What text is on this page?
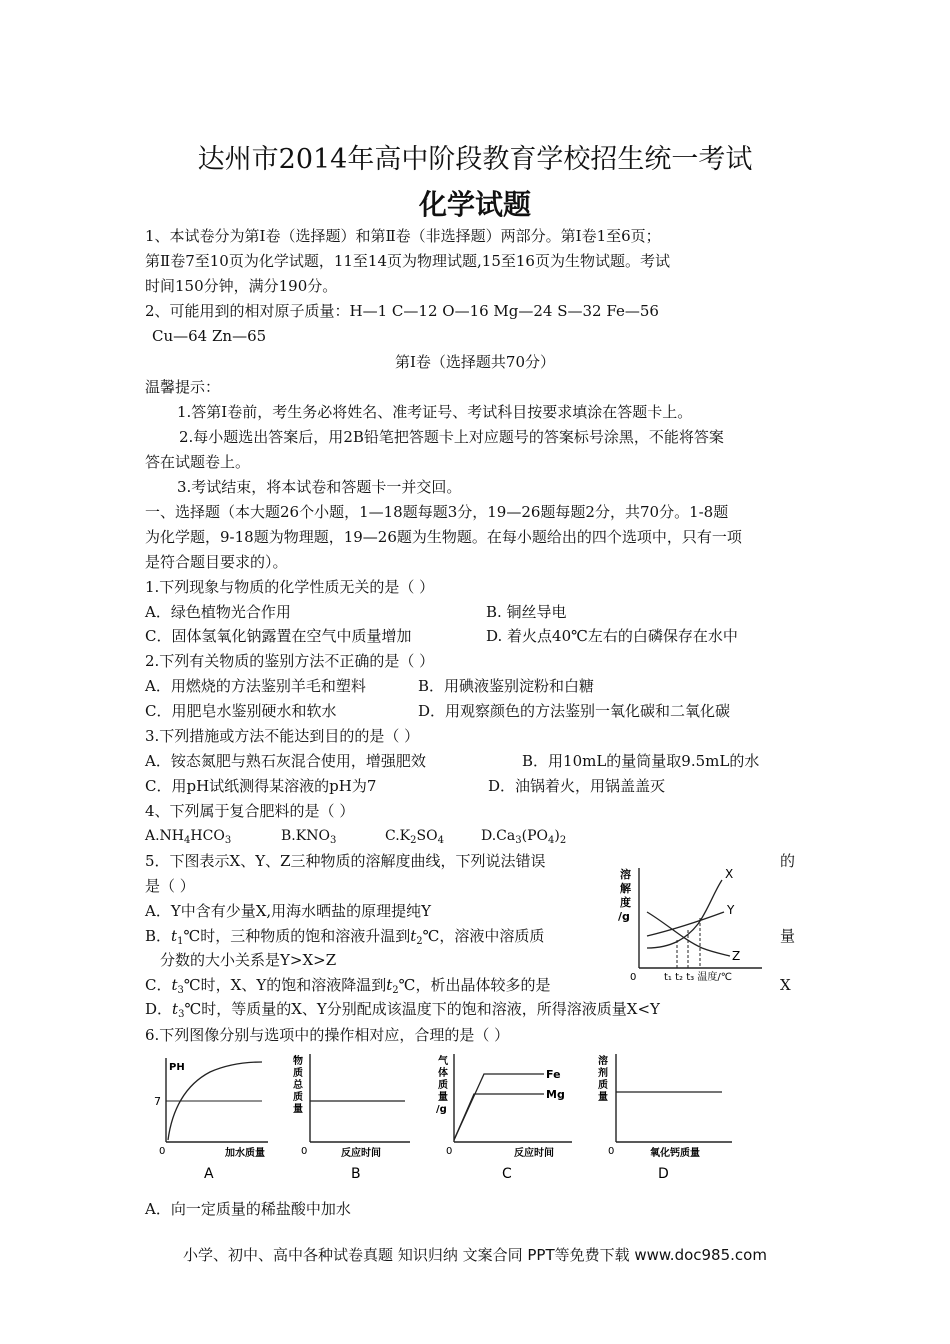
达州市2014年高中阶段教育学校招生统一考试
化学试题
1、本试卷分为第Ⅰ卷（选择题）和第Ⅱ卷（非选择题）两部分。第Ⅰ卷1至6页；
第Ⅱ卷7至10页为化学试题，11至14页为物理试题,15至16页为生物试题。考试
时间150分钟，满分190分。
2、可能用到的相对原子质量：H—1 C—12 O—16 Mg—24 S—32 Fe—56
Cu—64 Zn—65
第Ⅰ卷（选择题共70分）
温馨提示：
1.答第Ⅰ卷前，考生务必将姓名、准考证号、考试科目按要求填涂在答题卡上。
2.每小题选出答案后，用2B铅笔把答题卡上对应题号的答案标号涂黑，不能将答案
答在试题卷上。
3.考试结束，将本试卷和答题卡一并交回。
一、选择题（本大题26个小题，1—18题每题3分，19—26题每题2分，共70分。1-8题
为化学题，9-18题为物理题，19—26题为生物题。在每小题给出的四个选项中，只有一项
是符合题目要求的）。
1.下列现象与物质的化学性质无关的是（ ）
A．绿色植物光合作用	B. 铜丝导电
C．固体氢氧化钠露置在空气中质量增加	D. 着火点40℃左右的白磷保存在水中
2.下列有关物质的鉴别方法不正确的是（ ）
A．用燃烧的方法鉴别羊毛和塑料	B．用碘液鉴别淀粉和白糖
C．用肥皂水鉴别硬水和软水	D．用观察颜色的方法鉴别一氧化碳和二氧化碳
3.下列措施或方法不能达到目的的是（ ）
A．铵态氮肥与熟石灰混合使用，增强肥效	B．用10mL的量筒量取9.5mL的水
C．用pH试纸测得某溶液的pH为7	D．油锅着火，用锅盖盖灭
4、下列属于复合肥料的是（ ）
$A.NH_4HCO_3$	$B.KNO_3$	$C.K_2SO_4$	$D.Ca_3(PO_4)_2$
5．下图表示X、Y、Z三种物质的溶解度曲线，下列说法错误	的
是（ ）
A．Y中含有少量X,用海水晒盐的原理提纯Y
B．$t_1℃$时，三种物质的饱和溶液升温到$t_2℃$，溶液中溶质质	量
分数的大小关系是Y>X>Z
C．$t_3℃$时，X、Y的饱和溶液降温到$t_2℃$，析出晶体较多的是	X
D．$t_3℃$时，等质量的X、Y分别配成该温度下的饱和溶液，所得溶液质量X<Y
溶
解
度
/g
0	t₁ t₂ t₃ 温度/℃
X
Y
Z
6.下列图像分别与选项中的操作相对应，合理的是（ ）
PH
7
0	加水质量
A
物
质
总
质
量
0	反应时间
B
气
体
质
量
/g
Fe
Mg
0	反应时间
C
溶
剂
质
量
0	氧化钙质量
D
A．向一定质量的稀盐酸中加水
小学、初中、高中各种试卷真题 知识归纳 文案合同 PPT等免费下载 www.doc985.com
